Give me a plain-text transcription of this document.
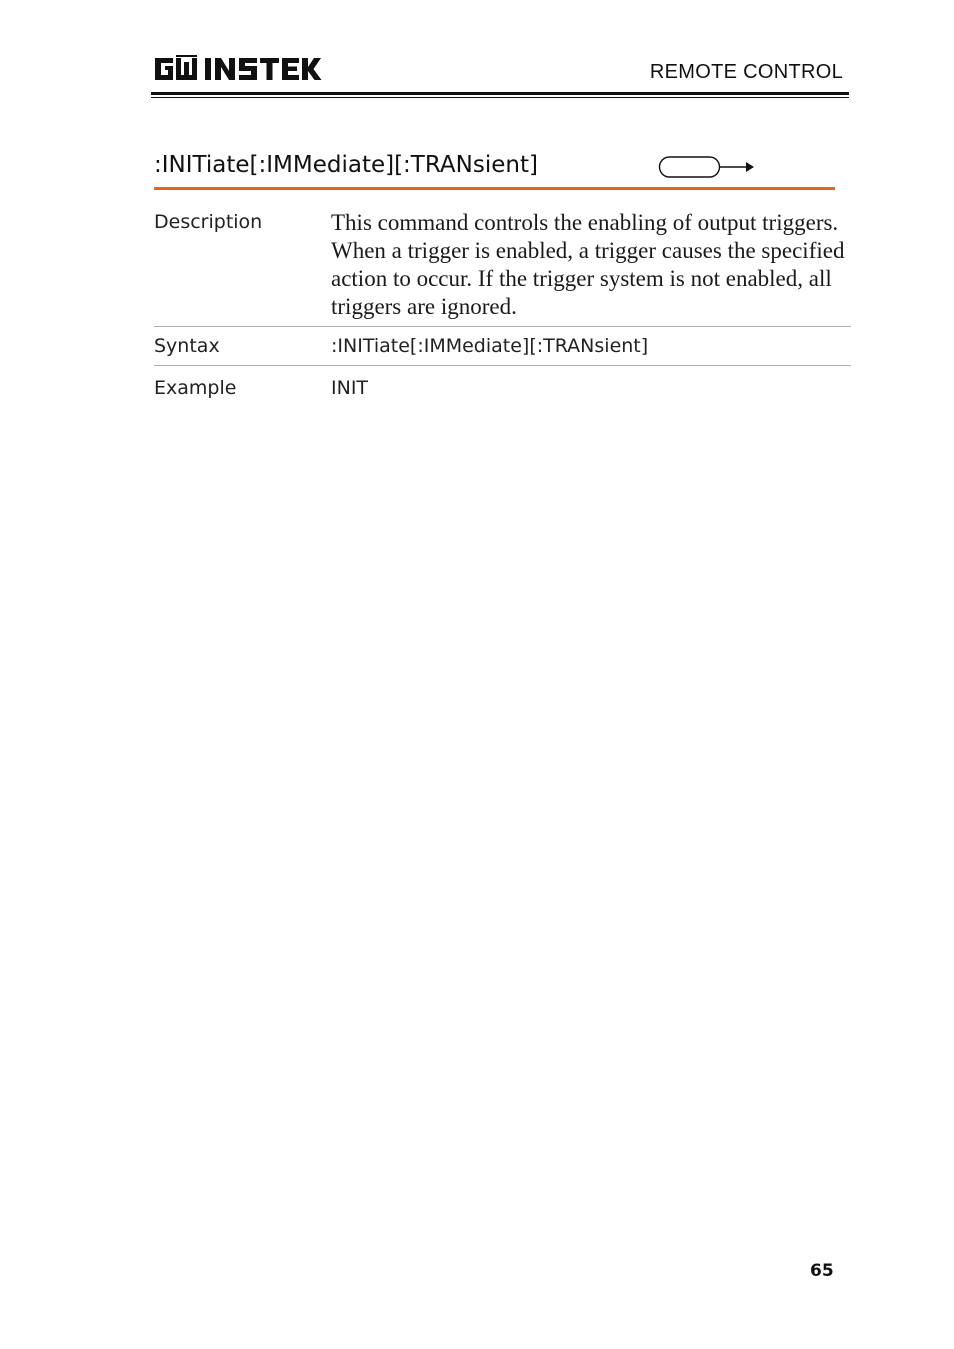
REMOTE CONTROL
:INITiate[:IMMediate][:TRANsient]
Description	This command controls the enabling of output triggers. When a trigger is enabled, a trigger causes the specified action to occur. If the trigger system is not enabled, all triggers are ignored.
Syntax	:INITiate[:IMMediate][:TRANsient]
Example	INIT
65
